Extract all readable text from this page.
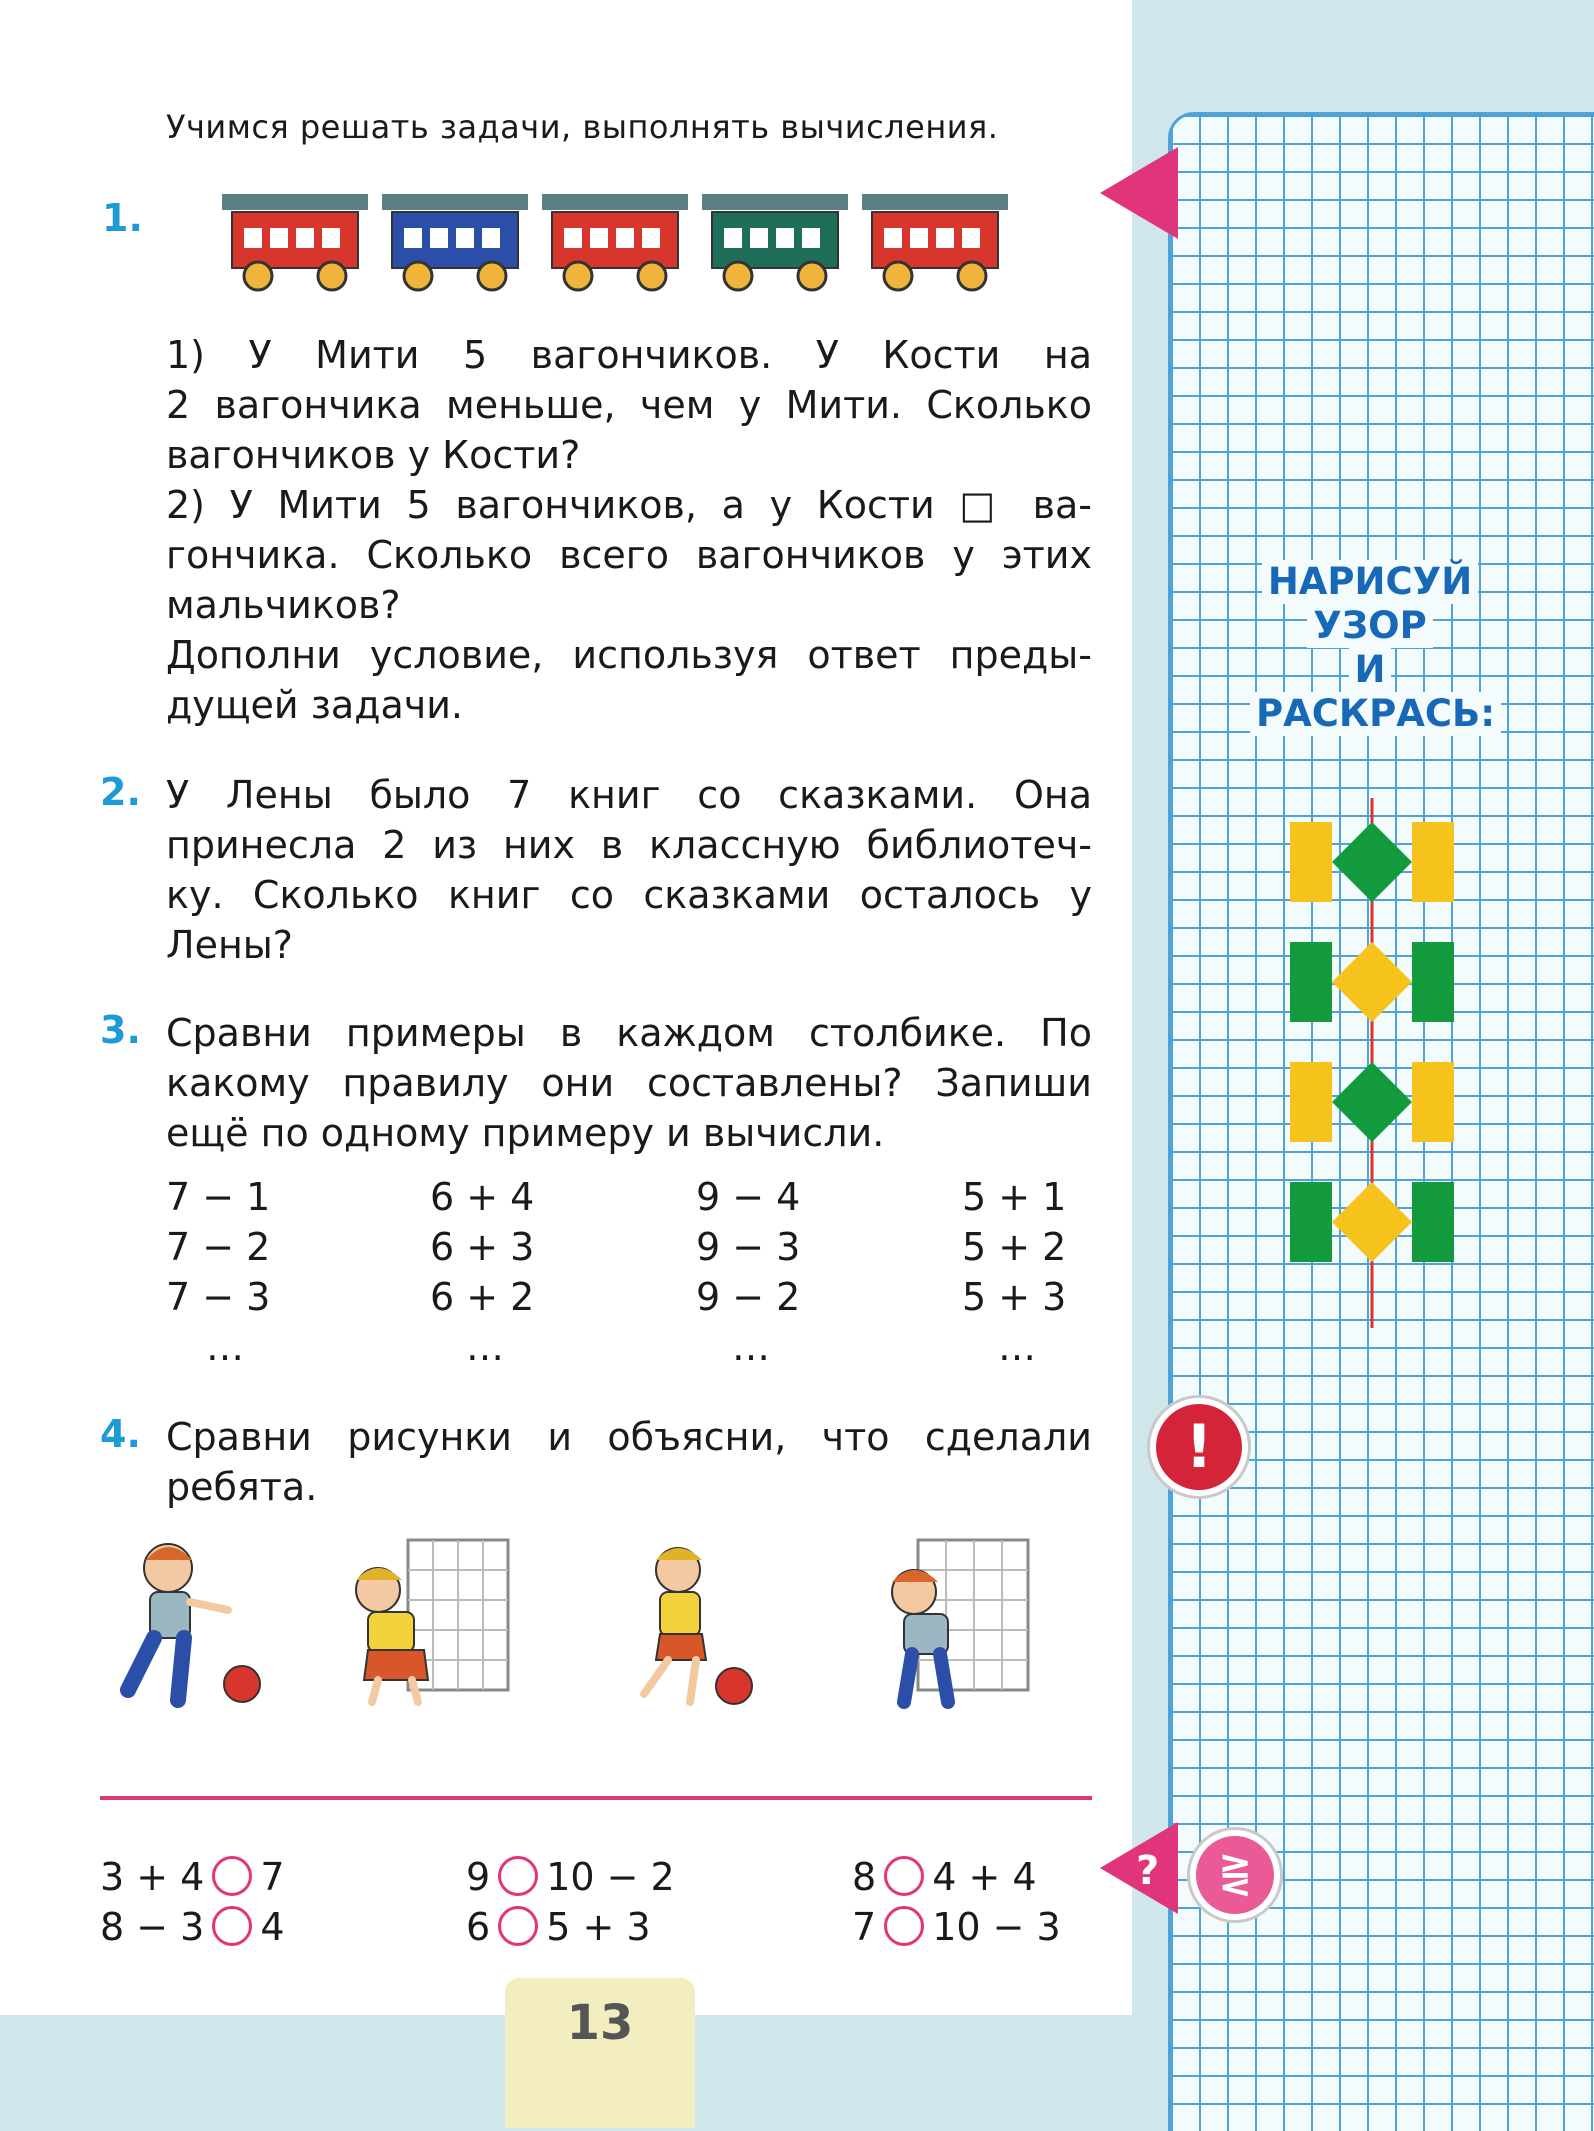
Учимся решать задачи, выполнять вычисления.
1.
1) У Мити 5 вагончиков. У Кости на
2 вагончика меньше, чем у Мити. Сколько
вагончиков у Кости?
2) У Мити 5 вагончиков, а у Кости □ ва-
гончика. Сколько всего вагончиков у этих
мальчиков?
Дополни условие, используя ответ преды-
дущей задачи.
2. У Лены было 7 книг со сказками. Она
принесла 2 из них в классную библиотеч-
ку. Сколько книг со сказками осталось у
Лены?
3. Сравни примеры в каждом столбике. По
какому правилу они составлены? Запиши
ещё по одному примеру и вычисли.
7 − 1
7 − 2
7 − 3
…
6 + 4
6 + 3
6 + 2
…
9 − 4
9 − 3
9 − 2
…
5 + 1
5 + 2
5 + 3
…
4. Сравни рисунки и объясни, что сделали
ребята.
3 + 4 7
8 − 3 4
9 10 − 2
6 5 + 3
8 4 + 4
7 10 − 3
13
?
НАРИСУЙ
УЗОР
И
РАСКРАСЬ:
!
⋛
